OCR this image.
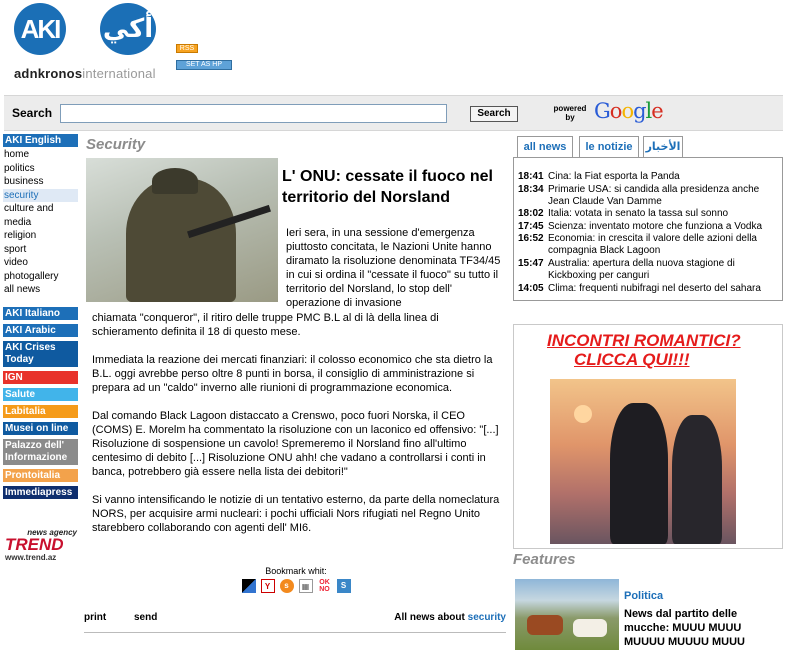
AKI أكي
adnkronosinternational
RSS
SET AS HP
Search	Search	powered by Google
AKI English
home
politics
business
security
culture and media
religion
sport
video
photogallery
all news
AKI Italiano
AKI Arabic
AKI Crises Today
IGN
Salute
Labitalia
Musei on line
Palazzo dell' Informazione
Prontoitalia
Immediapress
news agency
TREND
www.trend.az
Security
L' ONU: cessate il fuoco nel territorio del Norsland
Ieri sera, in una sessione d'emergenza piuttosto concitata, le Nazioni Unite hanno diramato la risoluzione denominata TF34/45 in cui si ordina il "cessate il fuoco" su tutto il territorio del Norsland, lo stop dell' operazione di invasione

chiamata "conqueror", il ritiro delle truppe PMC B.L al di là della linea di schieramento definita il 18 di questo mese.

Immediata la reazione dei mercati finanziari: il colosso economico che sta dietro la B.L. oggi avrebbe perso oltre 8 punti in borsa, il consiglio di amministrazione si prepara ad un "caldo" inverno alle riunioni di programmazione economica.

Dal comando Black Lagoon distaccato a Crenswo, poco fuori Norska, il CEO (COMS) E. Morelm ha commentato la risoluzione con un laconico ed offensivo: "[...] Risoluzione di sospensione un cavolo! Spremeremo il Norsland fino all'ultimo centesimo di debito [...] Risoluzione ONU ahh! che vadano a controllarsi i conti in banca, potrebbero già essere nella lista dei debitori!"

Si vanno intensificando le notizie di un tentativo esterno, da parte della nomeclatura NORS, per acquisire armi nucleari: i pochi ufficiali Nors rifugiati nel Regno Unito starebbero collaborando con agenti dell' MI6.

Bookmark whit:
Y	s	▦	OK
NO	S
print	send	All news about security
all news	le notizie	الأخبار
18:41 Cina: la Fiat esporta la Panda
18:34 Primarie USA: si candida alla presidenza anche Jean Claude Van Damme
18:02 Italia: votata in senato la tassa sul sonno
17:45 Scienza: inventato motore che funziona a Vodka
16:52 Economia: in crescita il valore delle azioni della compagnia Black Lagoon
15:47 Australia: apertura della nuova stagione di Kickboxing per canguri
14:05 Clima: frequenti nubifragi nel deserto del sahara
INCONTRI ROMANTICI?
CLICCA QUI!!!
Features
Politica
News dal partito delle mucche: MUUU MUUU MUUUU MUUUU MUUU
